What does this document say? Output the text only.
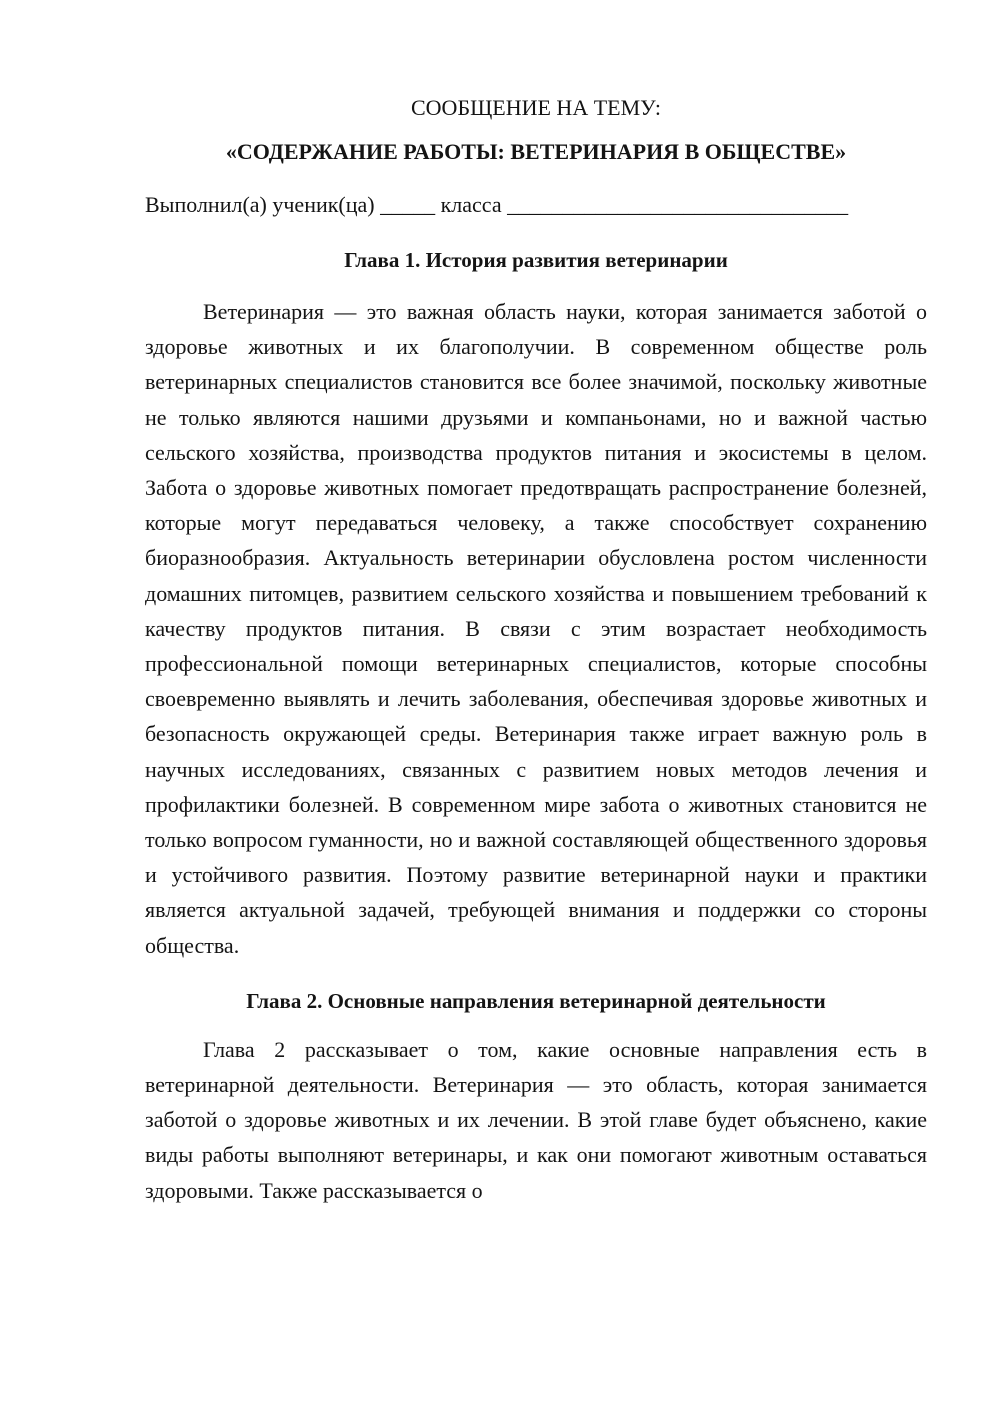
СООБЩЕНИЕ НА ТЕМУ:

«СОДЕРЖАНИЕ РАБОТЫ: ВЕТЕРИНАРИЯ В ОБЩЕСТВЕ»

Выполнил(а) ученик(ца) _____ класса _______________________________
Глава 1. История развития ветеринарии

Ветеринария — это важная область науки, которая занимается заботой о здоровье животных и их благополучии. В современном обществе роль ветеринарных специалистов становится все более значимой, поскольку животные не только являются нашими друзьями и компаньонами, но и важной частью сельского хозяйства, производства продуктов питания и экосистемы в целом. Забота о здоровье животных помогает предотвращать распространение болезней, которые могут передаваться человеку, а также способствует сохранению биоразнообразия. Актуальность ветеринарии обусловлена ростом численности домашних питомцев, развитием сельского хозяйства и повышением требований к качеству продуктов питания. В связи с этим возрастает необходимость профессиональной помощи ветеринарных специалистов, которые способны своевременно выявлять и лечить заболевания, обеспечивая здоровье животных и безопасность окружающей среды. Ветеринария также играет важную роль в научных исследованиях, связанных с развитием новых методов лечения и профилактики болезней. В современном мире забота о животных становится не только вопросом гуманности, но и важной составляющей общественного здоровья и устойчивого развития. Поэтому развитие ветеринарной науки и практики является актуальной задачей, требующей внимания и поддержки со стороны общества.

Глава 2. Основные направления ветеринарной деятельности

Глава 2 рассказывает о том, какие основные направления есть в ветеринарной деятельности. Ветеринария — это область, которая занимается заботой о здоровье животных и их лечении. В этой главе будет объяснено, какие виды работы выполняют ветеринары, и как они помогают животным оставаться здоровыми. Также рассказывается о
